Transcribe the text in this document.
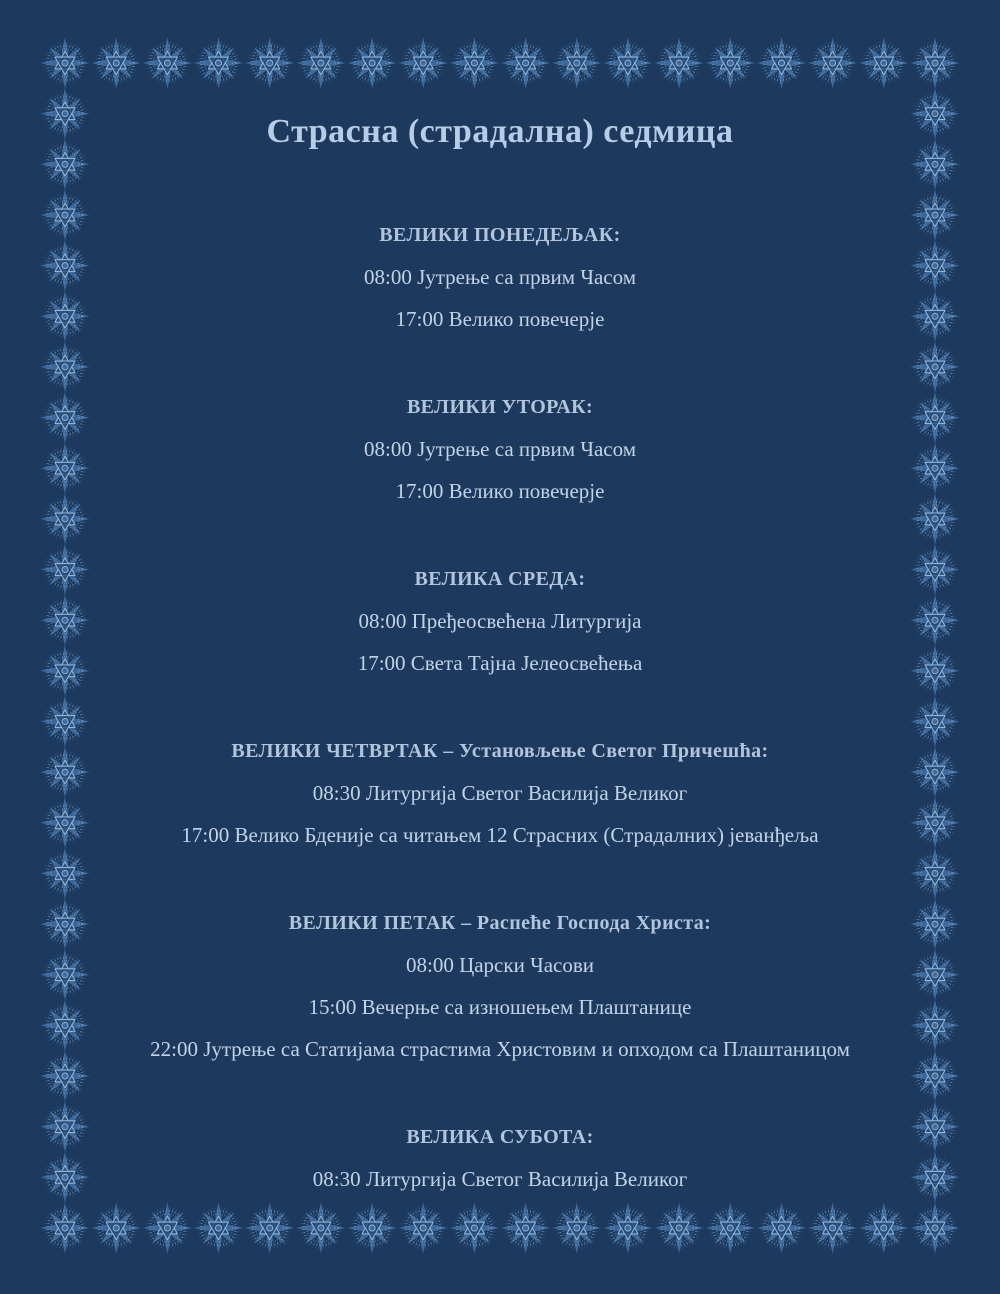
Страсна (страдална) седмица
ВЕЛИКИ ПОНЕДЕЉАК:

08:00 Јутрење са првим Часом

17:00 Велико повечерје

ВЕЛИКИ УТОРАК:

08:00 Јутрење са првим Часом

17:00 Велико повечерје

ВЕЛИКА СРЕДА:

08:00 Пређеосвећена Литургија

17:00 Света Тајна Јелеосвећења

ВЕЛИКИ ЧЕТВРТАК – Установљење Светог Причешћа:

08:30 Литургија Светог Василија Великог

17:00 Велико Бденије са читањем 12 Страсних (Страдалних) јеванђеља

ВЕЛИКИ ПЕТАК – Распеће Господа Христа:

08:00 Царски Часови

15:00 Вечерње са изношењем Плаштанице

22:00 Јутрење са Статијама страстима Христовим и опходом са Плаштаницом

ВЕЛИКА СУБОТА:

08:30 Литургија Светог Василија Великог
